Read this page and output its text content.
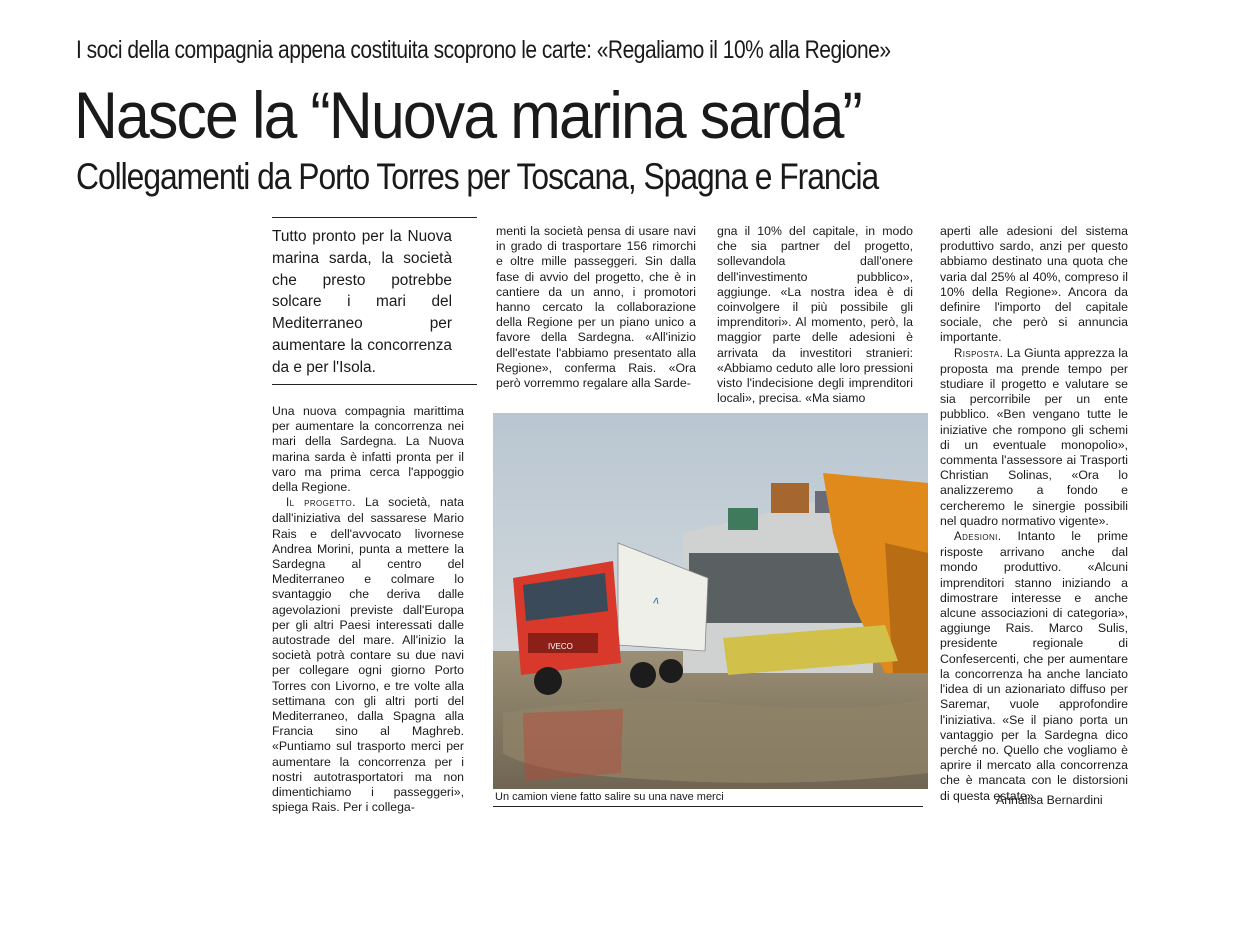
I soci della compagnia appena costituita scoprono le carte: «Regaliamo il 10% alla Regione»
Nasce la “Nuova marina sarda”
Collegamenti da Porto Torres per Toscana, Spagna e Francia
Tutto pronto per la Nuova marina sarda, la società che presto potrebbe solcare i mari del Mediterraneo per aumentare la concorrenza da e per l'Isola.

Una nuova compagnia marittima per aumentare la concorrenza nei mari della Sardegna. La Nuova marina sarda è infatti pronta per il varo ma prima cerca l'appoggio della Regione.

Il progetto. La società, nata dall'iniziativa del sassarese Mario Rais e dell'avvocato livornese Andrea Morini, punta a mettere la Sardegna al centro del Mediterraneo e colmare lo svantaggio che deriva dalle agevolazioni previste dall'Europa per gli altri Paesi interessati dalle autostrade del mare. All'inizio la società potrà contare su due navi per collegare ogni giorno Porto Torres con Livorno, e tre volte alla settimana con gli altri porti del Mediterraneo, dalla Spagna alla Francia sino al Maghreb. «Puntiamo sul trasporto merci per aumentare la concorrenza per i nostri autotrasportatori ma non dimentichiamo i passeggeri», spiega Rais. Per i collega-

menti la società pensa di usare navi in grado di trasportare 156 rimorchi e oltre mille passeggeri. Sin dalla fase di avvio del progetto, che è in cantiere da un anno, i promotori hanno cercato la collaborazione della Regione per un piano unico a favore della Sardegna. «All'inizio dell'estate l'abbiamo presentato alla Regione», conferma Rais. «Ora però vorremmo regalare alla Sarde-

gna il 10% del capitale, in modo che sia partner del progetto, sollevandola dall'onere dell'investimento pubblico», aggiunge. «La nostra idea è di coinvolgere il più possibile gli imprenditori». Al momento, però, la maggior parte delle adesioni è arrivata da investitori stranieri: «Abbiamo ceduto alle loro pressioni visto l'indecisione degli imprenditori locali», precisa. «Ma siamo

aperti alle adesioni del sistema produttivo sardo, anzi per questo abbiamo destinato una quota che varia dal 25% al 40%, compreso il 10% della Regione». Ancora da definire l'importo del capitale sociale, che però si annuncia importante.

Risposta. La Giunta apprezza la proposta ma prende tempo per studiare il progetto e valutare se sia percorribile per un ente pubblico. «Ben vengano tutte le iniziative che rompono gli schemi di un eventuale monopolio», commenta l'assessore ai Trasporti Christian Solinas, «Ora lo analizzeremo a fondo e cercheremo le sinergie possibili nel quadro normativo vigente».

Adesioni. Intanto le prime risposte arrivano anche dal mondo produttivo. «Alcuni imprenditori stanno iniziando a dimostrare interesse e anche alcune associazioni di categoria», aggiunge Rais. Marco Sulis, presidente regionale di Confesercenti, che per aumentare la concorrenza ha anche lanciato l'idea di un azionariato diffuso per Saremar, vuole approfondire l'iniziativa. «Se il piano porta un vantaggio per la Sardegna dico perché no. Quello che vogliamo è aprire il mercato alla concorrenza che è mancata con le distorsioni di questa estate».

ʌ
IVECO
Un camion viene fatto salire su una nave merci	Annalisa Bernardini
